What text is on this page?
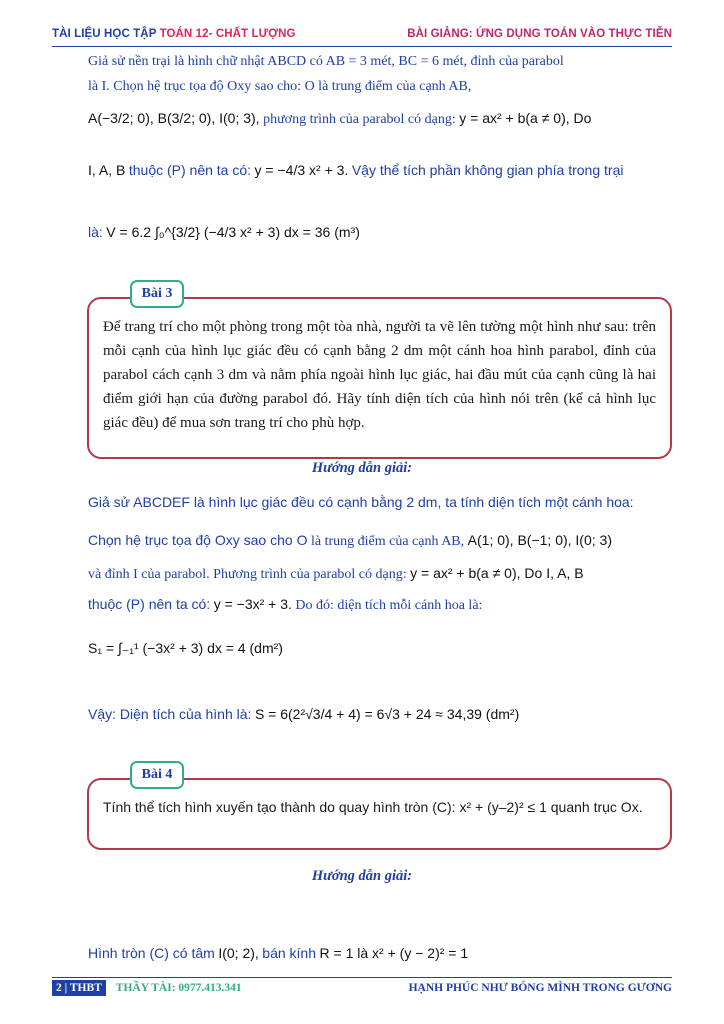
TÀI LIỆU HỌC TẬP TOÁN 12- CHẤT LƯỢNG	BÀI GIẢNG: ỨNG DỤNG TOÁN VÀO THỰC TIỄN
Giả sử nền trại là hình chữ nhật ABCD có AB = 3 mét, BC = 6 mét, đỉnh của parabol
là I. Chọn hệ trục tọa độ Oxy sao cho: O là trung điểm của cạnh AB,
A(−3/2; 0), B(3/2; 0), I(0; 3), phương trình của parabol có dạng: y = ax² + b(a ≠ 0), Do
I, A, B thuộc (P) nên ta có: y = −4/3 x² + 3. Vậy thể tích phần không gian phía trong trại
là: V = 6.2 ∫₀^{3/2} (−4/3 x² + 3) dx = 36 (m³)
Bài 3
Để trang trí cho một phòng trong một tòa nhà, người ta vẽ lên tường một hình như sau: trên mỗi cạnh của hình lục giác đều có cạnh bằng 2 dm một cánh hoa hình parabol, đỉnh của parabol cách cạnh 3 dm và nằm phía ngoài hình lục giác, hai đầu mút của cạnh cũng là hai điểm giới hạn của đường parabol đó. Hãy tính diện tích của hình nói trên (kể cả hình lục giác đều) để mua sơn trang trí cho phù hợp.
Hướng dẫn giải:
Giả sử ABCDEF là hình lục giác đều có cạnh bằng 2 dm, ta tính diện tích một cánh hoa:
Chọn hệ trục tọa độ Oxy sao cho O là trung điểm của cạnh AB, A(1; 0), B(−1; 0), I(0; 3)
và đỉnh I của parabol. Phương trình của parabol có dạng: y = ax² + b(a ≠ 0), Do I, A, B
thuộc (P) nên ta có: y = −3x² + 3. Do đó: diện tích mỗi cánh hoa là:
S₁ = ∫₋₁¹ (−3x² + 3) dx = 4 (dm²)
Vậy: Diện tích của hình là: S = 6(2²√3/4 + 4) = 6√3 + 24 ≈ 34,39 (dm²)
Bài 4
Tính thể tích hình xuyến tạo thành do quay hình tròn (C): x² + (y–2)² ≤ 1 quanh trục Ox.
Hướng dẫn giải:
Hình tròn (C) có tâm I(0; 2), bán kính R = 1 là x² + (y − 2)² = 1
2 | THBT	THẦY TÀI: 0977.413.341	HẠNH PHÚC NHƯ BÓNG MÌNH TRONG GƯƠNG
